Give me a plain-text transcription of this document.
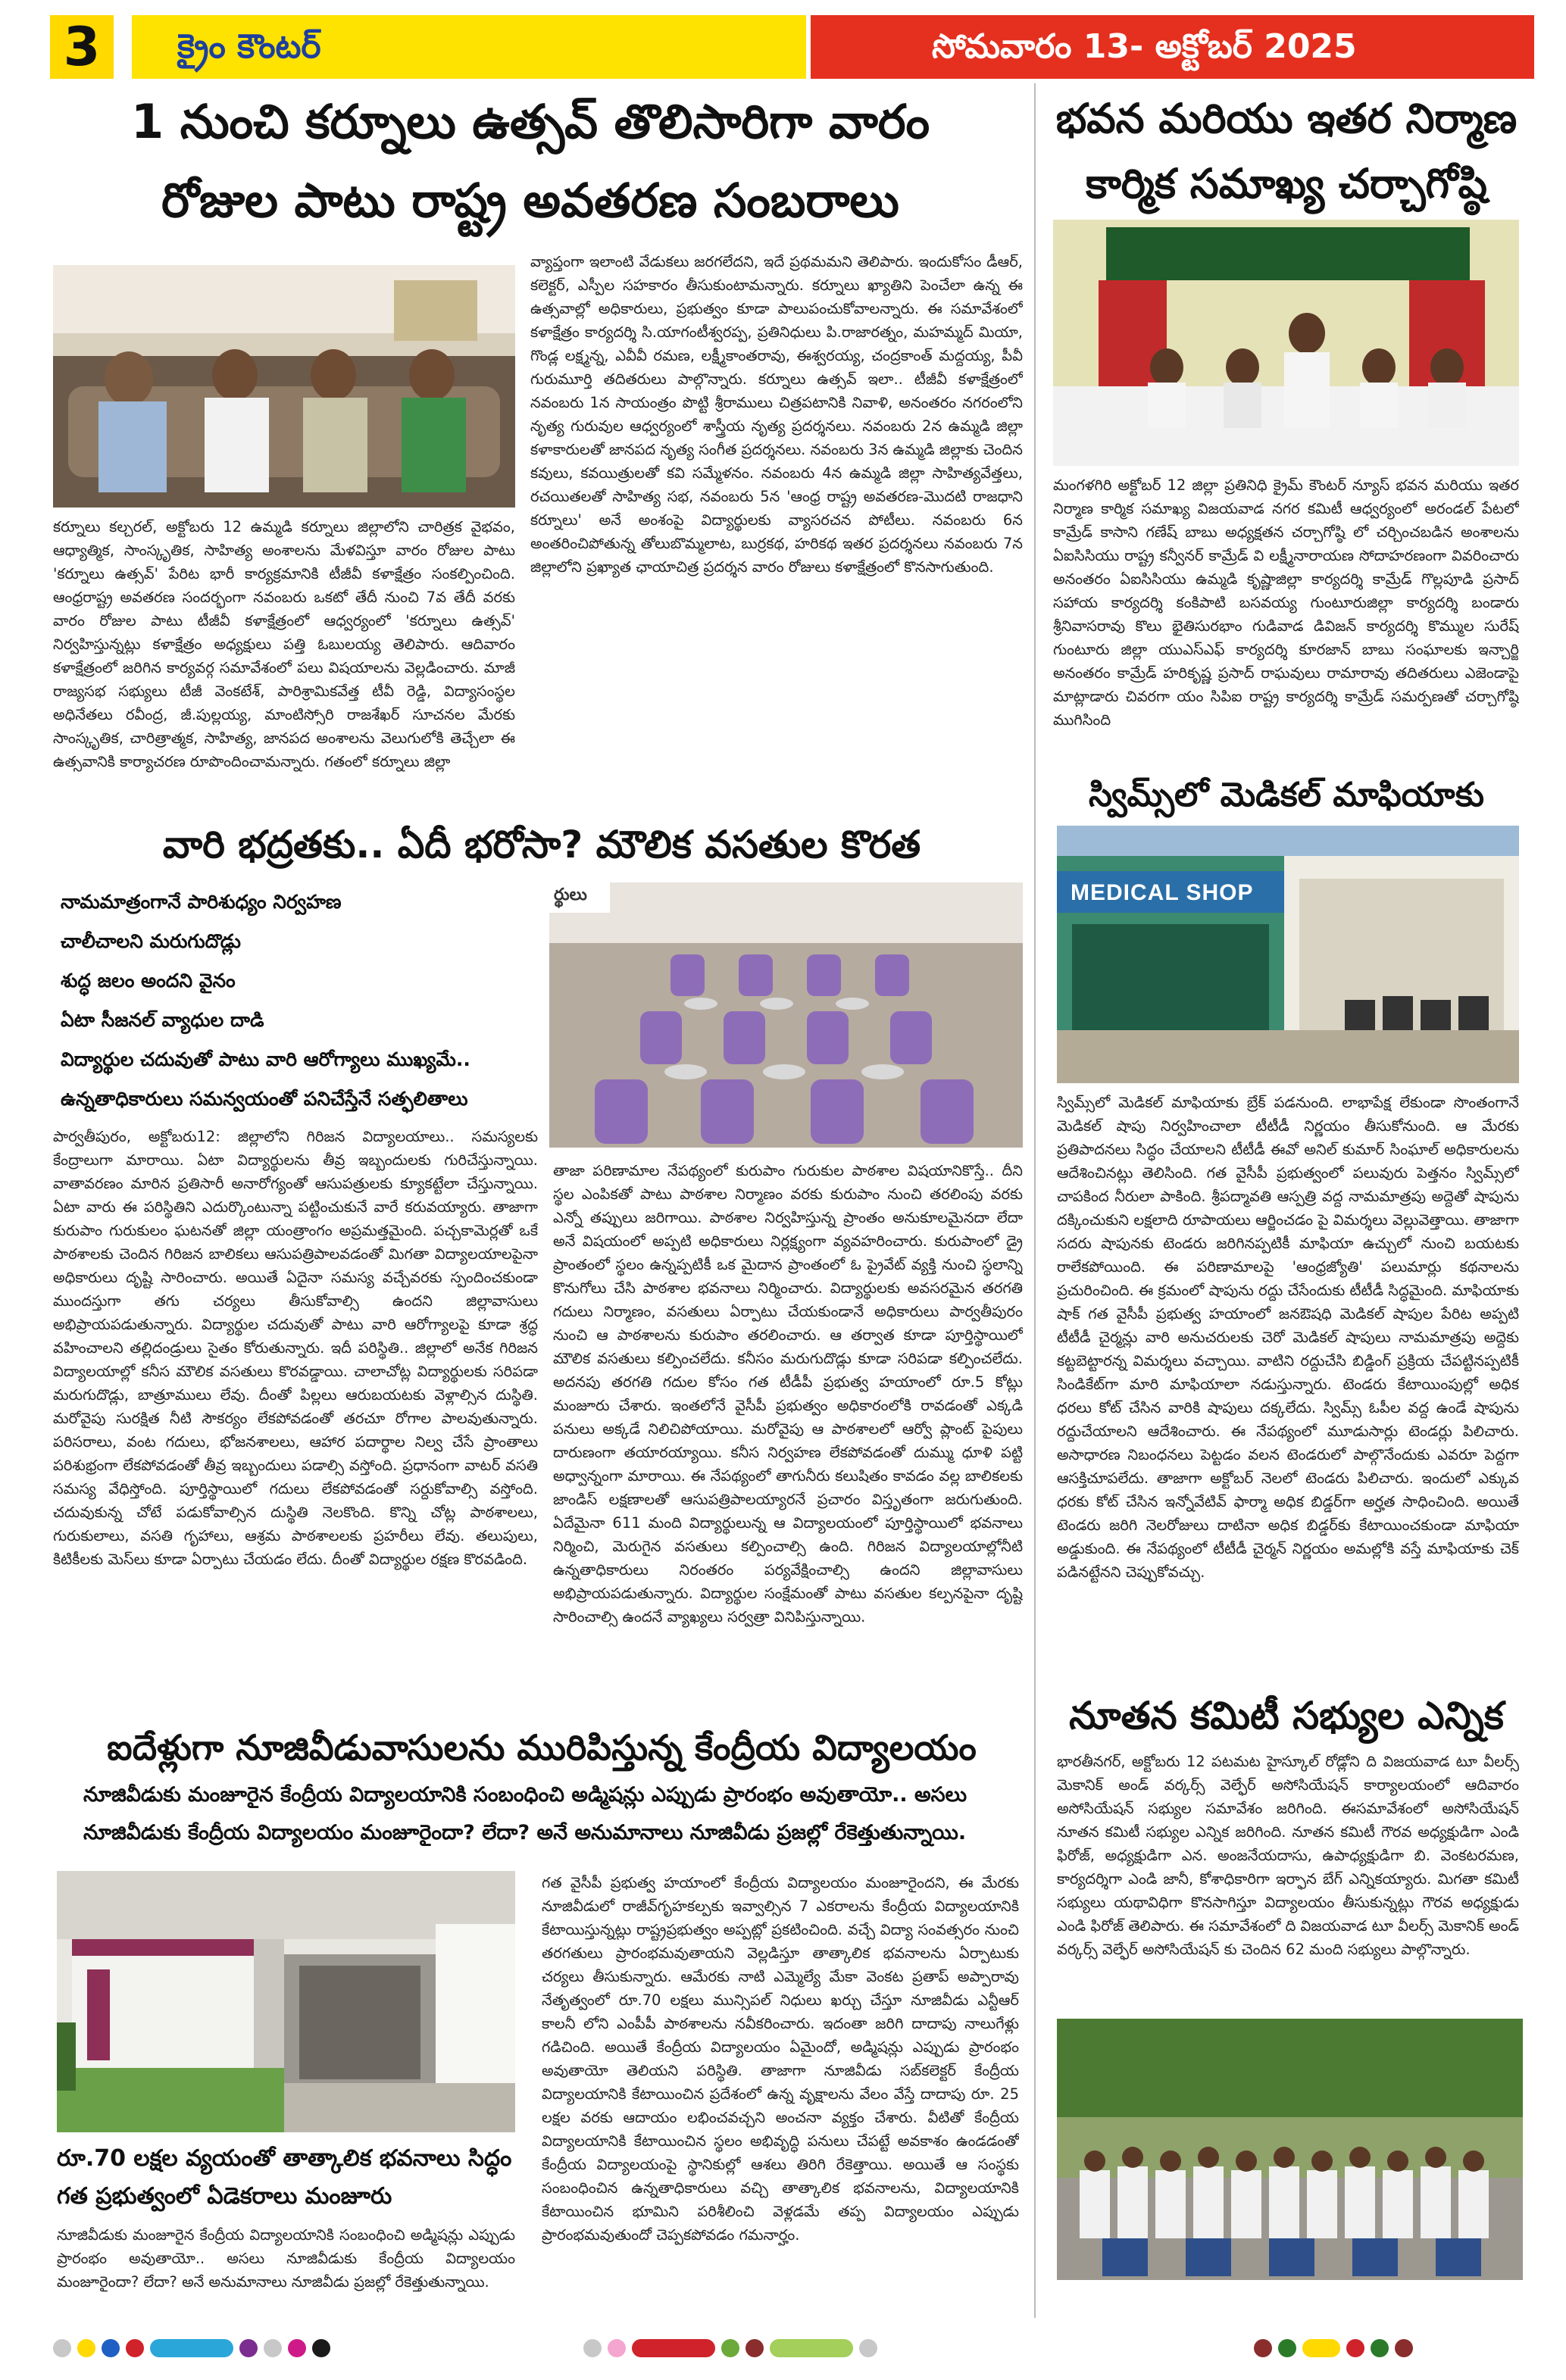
3	క్రైం కౌంటర్	సోమవారం 13- అక్టోబర్ 2025
1 నుంచి కర్నూలు ఉత్సవ్ తొలిసారిగా వారం
రోజుల పాటు రాష్ట్ర అవతరణ సంబరాలు
కర్నూలు కల్చరల్, అక్టోబరు 12 ఉమ్మడి కర్నూలు జిల్లాలోని చారిత్రక వైభవం, ఆధ్యాత్మిక, సాంస్కృతిక, సాహిత్య అంశాలను మేళవిస్తూ వారం రోజుల పాటు 'కర్నూలు ఉత్సవ్' పేరిట భారీ కార్యక్రమానికి టీజీవీ కళాక్షేత్రం సంకల్పించింది. ఆంధ్రరాష్ట్ర అవతరణ సందర్భంగా నవంబరు ఒకటో తేదీ నుంచి 7వ తేదీ వరకు వారం రోజుల పాటు టీజీవీ కళాక్షేత్రంలో ఆధ్వర్యంలో 'కర్నూలు ఉత్సవ్' నిర్వహిస్తున్నట్లు కళాక్షేత్రం అధ్యక్షులు పత్తి ఓబులయ్య తెలిపారు. ఆదివారం కళాక్షేత్రంలో జరిగిన కార్యవర్గ సమావేశంలో పలు విషయాలను వెల్లడించారు. మాజీ రాజ్యసభ సభ్యులు టీజీ వెంకటేశ్, పారిశ్రామికవేత్త టీవీ రెడ్డి, విద్యాసంస్థల అధినేతలు రవీంద్ర, జీ.పుల్లయ్య, మాంటిస్సోరి రాజశేఖర్ సూచనల మేరకు సాంస్కృతిక, చారిత్రాత్మక, సాహిత్య, జానపద అంశాలను వెలుగులోకి తెచ్చేలా ఈ ఉత్సవానికి కార్యాచరణ రూపొందించామన్నారు. గతంలో కర్నూలు జిల్లా
వ్యాప్తంగా ఇలాంటి వేడుకలు జరగలేదని, ఇదే ప్రథమమని తెలిపారు. ఇందుకోసం డీఆర్, కలెక్టర్, ఎస్పీల సహకారం తీసుకుంటామన్నారు. కర్నూలు ఖ్యాతిని పెంచేలా ఉన్న ఈ ఉత్సవాల్లో అధికారులు, ప్రభుత్వం కూడా పాలుపంచుకోవాలన్నారు. ఈ సమావేశంలో కళాక్షేత్రం కార్యదర్శి సి.యాగంటీశ్వరప్ప, ప్రతినిధులు పి.రాజారత్నం, మహమ్మద్ మియా, గొండ్ల లక్ష్మన్న, ఎవీవీ రమణ, లక్ష్మీకాంతరావు, ఈశ్వరయ్య, చంద్రకాంత్ మద్దయ్య, పీవీ గురుమూర్తి తదితరులు పాల్గొన్నారు. కర్నూలు ఉత్సవ్ ఇలా.. టీజీవీ కళాక్షేత్రంలో నవంబరు 1న సాయంత్రం పొట్టి శ్రీరాములు చిత్రపటానికి నివాళి, అనంతరం నగరంలోని నృత్య గురువుల ఆధ్వర్యంలో శాస్త్రీయ నృత్య ప్రదర్శనలు. నవంబరు 2న ఉమ్మడి జిల్లా కళాకారులతో జానపద నృత్య సంగీత ప్రదర్శనలు. నవంబరు 3న ఉమ్మడి జిల్లాకు చెందిన కవులు, కవయిత్రులతో కవి సమ్మేళనం. నవంబరు 4న ఉమ్మడి జిల్లా సాహిత్యవేత్తలు, రచయితలతో సాహిత్య సభ, నవంబరు 5న 'ఆంధ్ర రాష్ట్ర అవతరణ-మొదటి రాజధాని కర్నూలు' అనే అంశంపై విద్యార్థులకు వ్యాసరచన పోటీలు. నవంబరు 6న అంతరించిపోతున్న తోలుబొమ్మలాట, బుర్రకథ, హరికథ ఇతర ప్రదర్శనలు నవంబరు 7న జిల్లాలోని ప్రఖ్యాత ఛాయాచిత్ర ప్రదర్శన వారం రోజులు కళాక్షేత్రంలో కొనసాగుతుంది.
భవన మరియు ఇతర నిర్మాణ
కార్మిక సమాఖ్య చర్చాగోష్ఠి
మంగళగిరి అక్టోబర్ 12 జిల్లా ప్రతినిధి క్రైమ్ కౌంటర్ న్యూస్ భవన మరియు ఇతర నిర్మాణ కార్మిక సమాఖ్య విజయవాడ నగర కమిటీ ఆధ్వర్యంలో అరండల్ పేటలో కామ్రేడ్ కాసాని గణేష్ బాబు అధ్యక్షతన చర్చాగోష్ఠి లో చర్చించబడిన అంశాలను ఏఐసిసియు రాష్ట్ర కన్వీనర్ కామ్రేడ్ వి లక్ష్మీనారాయణ సోదాహరణంగా వివరించారు అనంతరం ఏఐసిసియు ఉమ్మడి కృష్ణాజిల్లా కార్యదర్శి కామ్రేడ్ గొల్లపూడి ప్రసాద్ సహాయ కార్యదర్శి కంకిపాటి బసవయ్య గుంటూరుజిల్లా కార్యదర్శి బండారు శ్రీనివాసరావు కొలు భైతిసురభాం గుడివాడ డివిజన్ కార్యదర్శి కొమ్ముల సురేష్ గుంటూరు జిల్లా యుఎస్ఎఫ్ కార్యదర్శి కూరజాన్ బాబు సంఘాలకు ఇన్చార్జి అనంతరం కామ్రేడ్ హరికృష్ణ ప్రసాద్ రాఘవులు రామారావు తదితరులు ఎజెండాపై మాట్లాడారు చివరగా యం సిపిఐ రాష్ట్ర కార్యదర్శి కామ్రేడ్ సమర్పణతో చర్చాగోష్ఠి ముగిసింది
వారి భద్రతకు.. ఏదీ భరోసా? మౌలిక వసతుల కొరత
నామమాత్రంగానే పారిశుధ్యం నిర్వహణ
చాలీచాలని మరుగుదొడ్లు
శుద్ధ జలం అందని వైనం
ఏటా సీజనల్ వ్యాధుల దాడి
విద్యార్థుల చదువుతో పాటు వారి ఆరోగ్యాలు ముఖ్యమే..
ఉన్నతాధికారులు సమన్వయంతో పనిచేస్తేనే సత్ఫలితాలు
ర్థులు
పార్వతీపురం, అక్టోబరు12: జిల్లాలోని గిరిజన విద్యాలయాలు.. సమస్యలకు కేంద్రాలుగా మారాయి. ఏటా విద్యార్థులను తీవ్ర ఇబ్బందులకు గురిచేస్తున్నాయి. వాతావరణం మారిన ప్రతిసారీ అనారోగ్యంతో ఆసుపత్రులకు క్యూకట్టేలా చేస్తున్నాయి. ఏటా వారు ఈ పరిస్థితిని ఎదుర్కొంటున్నా పట్టించుకునే వారే కరువయ్యారు. తాజాగా కురుపాం గురుకులం ఘటనతో జిల్లా యంత్రాంగం అప్రమత్తమైంది. పచ్చకామెర్లతో ఒకే పాఠశాలకు చెందిన గిరిజన బాలికలు ఆసుపత్రిపాలవడంతో మిగతా విద్యాలయాలపైనా అధికారులు దృష్టి సారించారు. అయితే ఏదైనా సమస్య వచ్చేవరకు స్పందించకుండా ముందస్తుగా తగు చర్యలు తీసుకోవాల్సి ఉందని జిల్లావాసులు అభిప్రాయపడుతున్నారు. విద్యార్థుల చదువుతో పాటు వారి ఆరోగ్యాలపై కూడా శ్రద్ధ వహించాలని తల్లిదండ్రులు సైతం కోరుతున్నారు. ఇదీ పరిస్థితి.. జిల్లాలో అనేక గిరిజన విద్యాలయాల్లో కనీస మౌలిక వసతులు కొరవడ్డాయి. చాలాచోట్ల విద్యార్థులకు సరిపడా మరుగుదొడ్లు, బాత్రూములు లేవు. దీంతో పిల్లలు ఆరుబయటకు వెళ్లాల్సిన దుస్థితి. మరోవైపు సురక్షిత నీటి సౌకర్యం లేకపోవడంతో తరచూ రోగాల పాలవుతున్నారు. పరిసరాలు, వంట గదులు, భోజనశాలలు, ఆహార పదార్థాల నిల్వ చేసే ప్రాంతాలు పరిశుభ్రంగా లేకపోవడంతో తీవ్ర ఇబ్బందులు పడాల్సి వస్తోంది. ప్రధానంగా వాటర్ వసతి సమస్య వేధిస్తోంది. పూర్తిస్థాయిలో గదులు లేకపోవడంతో సర్దుకోవాల్సి వస్తోంది. చదువుకున్న చోటే పడుకోవాల్సిన దుస్థితి నెలకొంది. కొన్ని చోట్ల పాఠశాలలు, గురుకులాలు, వసతి గృహాలు, ఆశ్రమ పాఠశాలలకు ప్రహరీలు లేవు. తలుపులు, కిటికీలకు మెస్‌లు కూడా ఏర్పాటు చేయడం లేదు. దీంతో విద్యార్థుల రక్షణ కొరవడింది.
తాజా పరిణామాల నేపథ్యంలో కురుపాం గురుకుల పాఠశాల విషయానికొస్తే.. దీని స్థల ఎంపికతో పాటు పాఠశాల నిర్మాణం వరకు కురుపాం నుంచి తరలింపు వరకు ఎన్నో తప్పులు జరిగాయి. పాఠశాల నిర్వహిస్తున్న ప్రాంతం అనుకూలమైనదా లేదా అనే విషయంలో అప్పటి అధికారులు నిర్లక్ష్యంగా వ్యవహరించారు. కురుపాంలో డ్రై ప్రాంతంలో స్థలం ఉన్నప్పటికీ ఒక మైదాన ప్రాంతంలో ఓ ప్రైవేట్ వ్యక్తి నుంచి స్థలాన్ని కొనుగోలు చేసి పాఠశాల భవనాలు నిర్మించారు. విద్యార్థులకు అవసరమైన తరగతి గదులు నిర్మాణం, వసతులు ఏర్పాటు చేయకుండానే అధికారులు పార్వతీపురం నుంచి ఆ పాఠశాలను కురుపాం తరలించారు. ఆ తర్వాత కూడా పూర్తిస్థాయిలో మౌలిక వసతులు కల్పించలేదు. కనీసం మరుగుదొడ్లు కూడా సరిపడా కల్పించలేదు. అదనపు తరగతి గదుల కోసం గత టీడీపీ ప్రభుత్వ హయాంలో రూ.5 కోట్లు మంజూరు చేశారు. ఇంతలోనే వైసీపీ ప్రభుత్వం అధికారంలోకి రావడంతో ఎక్కడి పనులు అక్కడే నిలిచిపోయాయి. మరోవైపు ఆ పాఠశాలలో ఆర్వో ప్లాంట్ పైపులు దారుణంగా తయారయ్యాయి. కనీస నిర్వహణ లేకపోవడంతో దుమ్ము ధూళి పట్టి అధ్వాన్నంగా మారాయి. ఈ నేపథ్యంలో తాగునీరు కలుషితం కావడం వల్ల బాలికలకు జాండిస్ లక్షణాలతో ఆసుపత్రిపాలయ్యారనే ప్రచారం విస్తృతంగా జరుగుతుంది. ఏదేమైనా 611 మంది విద్యార్థులున్న ఆ విద్యాలయంలో పూర్తిస్థాయిలో భవనాలు నిర్మించి, మెరుగైన వసతులు కల్పించాల్సి ఉంది. గిరిజన విద్యాలయాల్లోనీటి ఉన్నతాధికారులు నిరంతరం పర్యవేక్షించాల్సి ఉందని జిల్లావాసులు అభిప్రాయపడుతున్నారు. విద్యార్థుల సంక్షేమంతో పాటు వసతుల కల్పనపైనా దృష్టి సారించాల్సి ఉందనే వ్యాఖ్యలు సర్వత్రా వినిపిస్తున్నాయి.
స్విమ్స్‌లో మెడికల్ మాఫియాకు
MEDICAL SHOP
స్విమ్స్‌లో మెడికల్ మాఫియాకు బ్రేక్ పడనుంది. లాభాపేక్ష లేకుండా సొంతంగానే మెడికల్ షాపు నిర్వహించాలా టీటీడీ నిర్ణయం తీసుకోనుంది. ఆ మేరకు ప్రతిపాదనలు సిద్ధం చేయాలని టీటీడీ ఈవో అనిల్ కుమార్ సింఘాల్ అధికారులను ఆదేశించినట్లు తెలిసింది. గత వైసీపీ ప్రభుత్వంలో పలువురు పెత్తనం స్విమ్స్‌లో చాపకింద నీరులా పాకింది. శ్రీపద్మావతి ఆస్పత్రి వద్ద నామమాత్రపు అద్దెతో షాపును దక్కించుకుని లక్షలాది రూపాయలు ఆర్జించడం పై విమర్శలు వెల్లువెత్తాయి. తాజాగా సదరు షాపునకు టెండరు జరిగినప్పటికీ మాఫియా ఉచ్చులో నుంచి బయటకు రాలేకపోయింది. ఈ పరిణామాలపై 'ఆంధ్రజ్యోతి' పలుమార్లు కథనాలను ప్రచురించింది. ఈ క్రమంలో షాపును రద్దు చేసేందుకు టీటీడీ సిద్ధమైంది. మాఫియాకు షాక్ గత వైసీపీ ప్రభుత్వ హయాంలో జనఔషధి మెడికల్ షాపుల పేరిట అప్పటి టీటీడీ చైర్మన్లు వారి అనుచరులకు చెరో మెడికల్ షాపులు నామమాత్రపు అద్దెకు కట్టబెట్టారన్న విమర్శలు వచ్చాయి. వాటిని రద్దుచేసి బిడ్డింగ్ ప్రక్రియ చేపట్టినప్పటికీ సిండికేట్‌గా మారి మాఫియాలా నడుస్తున్నారు. టెండరు కేటాయింపుల్లో అధిక ధరలు కోట్ చేసిన వారికి షాపులు దక్కలేదు. స్విమ్స్ ఓపీల వద్ద ఉండే షాపును రద్దుచేయాలని ఆదేశించారు. ఈ నేపథ్యంలో మూడుసార్లు టెండర్లు పిలిచారు. అసాధారణ నిబంధనలు పెట్టడం వలన టెండరులో పాల్గొనేందుకు ఎవరూ పెద్దగా ఆసక్తిచూపలేదు. తాజాగా అక్టోబర్ నెలలో టెండరు పిలిచారు. ఇందులో ఎక్కువ ధరకు కోట్ చేసిన ఇన్నోవేటివ్ ఫార్మా అధిక బిడ్డర్‌గా అర్హత సాధించింది. అయితే టెండరు జరిగి నెలరోజులు దాటినా అధిక బిడ్డర్‌కు కేటాయించకుండా మాఫియా అడ్డుకుంది. ఈ నేపథ్యంలో టీటీడీ చైర్మన్ నిర్ణయం అమల్లోకి వస్తే మాఫియాకు చెక్ పడినట్టేనని చెప్పుకోవచ్చు.
ఐదేళ్లుగా నూజివీడువాసులను మురిపిస్తున్న కేంద్రీయ విద్యాలయం
నూజివీడుకు మంజూరైన కేంద్రీయ విద్యాలయానికి సంబంధించి అడ్మిషన్లు ఎప్పుడు ప్రారంభం అవుతాయో.. అసలు నూజివీడుకు కేంద్రీయ విద్యాలయం మంజూరైందా? లేదా? అనే అనుమానాలు నూజివీడు ప్రజల్లో రేకెత్తుతున్నాయి.
రూ.70 లక్షల వ్యయంతో తాత్కాలిక భవనాలు సిద్ధం
గత ప్రభుత్వంలో ఏడెకరాలు మంజూరు
నూజివీడుకు మంజూరైన కేంద్రీయ విద్యాలయానికి సంబంధించి అడ్మిషన్లు ఎప్పుడు ప్రారంభం అవుతాయో.. అసలు నూజివీడుకు కేంద్రీయ విద్యాలయం మంజూరైందా? లేదా? అనే అనుమానాలు నూజివీడు ప్రజల్లో రేకెత్తుతున్నాయి.
గత వైసీపీ ప్రభుత్వ హయాంలో కేంద్రీయ విద్యాలయం మంజూరైందని, ఈ మేరకు నూజివీడులో రాజీవ్‌గృహకల్పకు ఇవ్వాల్సిన 7 ఎకరాలను కేంద్రీయ విద్యాలయానికి కేటాయిస్తున్నట్లు రాష్ట్రప్రభుత్వం అప్పట్లో ప్రకటించింది. వచ్చే విద్యా సంవత్సరం నుంచి తరగతులు ప్రారంభమవుతాయని వెల్లడిస్తూ తాత్కాలిక భవనాలను ఏర్పాటుకు చర్యలు తీసుకున్నారు. ఆమేరకు నాటి ఎమ్మెల్యే మేకా వెంకట ప్రతాప్ అప్పారావు నేతృత్వంలో రూ.70 లక్షలు మున్సిపల్ నిధులు ఖర్చు చేస్తూ నూజివీడు ఎన్టీఆర్ కాలనీ లోని ఎంపీపీ పాఠశాలను నవీకరించారు. ఇదంతా జరిగి దాదాపు నాలుగేళ్లు గడిచింది. అయితే కేంద్రీయ విద్యాలయం ఏమైందో, అడ్మిషన్లు ఎప్పుడు ప్రారంభం అవుతాయో తెలియని పరిస్థితి. తాజాగా నూజివీడు సబ్‌కలెక్టర్ కేంద్రీయ విద్యాలయానికి కేటాయించిన ప్రదేశంలో ఉన్న వృక్షాలను వేలం వేస్తే దాదాపు రూ. 25 లక్షల వరకు ఆదాయం లభించవచ్చని అంచనా వ్యక్తం చేశారు. వీటితో కేంద్రీయ విద్యాలయానికి కేటాయించిన స్థలం అభివృద్ధి పనులు చేపట్టే అవకాశం ఉండడంతో కేంద్రీయ విద్యాలయంపై స్థానికుల్లో ఆశలు తిరిగి రేకెత్తాయి. అయితే ఆ సంస్థకు సంబంధించిన ఉన్నతాధికారులు వచ్చి తాత్కాలిక భవనాలను, విద్యాలయానికి కేటాయించిన భూమిని పరిశీలించి వెళ్లడమే తప్ప విద్యాలయం ఎప్పుడు ప్రారంభమవుతుందో చెప్పకపోవడం గమనార్హం.
నూతన కమిటీ సభ్యుల ఎన్నిక
భారతీనగర్, అక్టోబరు 12 పటమట హైస్కూల్ రోడ్లోని ది విజయవాడ టూ వీలర్స్ మెకానిక్ అండ్ వర్కర్స్ వెల్ఫేర్ అసోసియేషన్ కార్యాలయంలో ఆదివారం అసోసియేషన్ సభ్యుల సమావేశం జరిగింది. ఈసమావేశంలో అసోసియేషన్ నూతన కమిటీ సభ్యుల ఎన్నిక జరిగింది. నూతన కమిటీ గౌరవ అధ్యక్షుడిగా ఎండి ఫిరోజ్, అధ్యక్షుడిగా ఎన. అంజనేయదాసు, ఉపాధ్యక్షుడిగా బి. వెంకటరమణ, కార్యదర్శిగా ఎండి జానీ, కోశాధికారిగా ఇర్ఫాన బేగ్ ఎన్నికయ్యారు. మిగతా కమిటీ సభ్యులు యథావిధిగా కొనసాగిస్తూ విద్యాలయం తీసుకున్నట్లు గౌరవ అధ్యక్షుడు ఎండి ఫిరోజ్ తెలిపారు. ఈ సమావేశంలో ది విజయవాడ టూ వీలర్స్ మెకానిక్ అండ్ వర్కర్స్ వెల్ఫేర్ అసోసియేషన్ కు చెందిన 62 మంది సభ్యులు పాల్గొన్నారు.
